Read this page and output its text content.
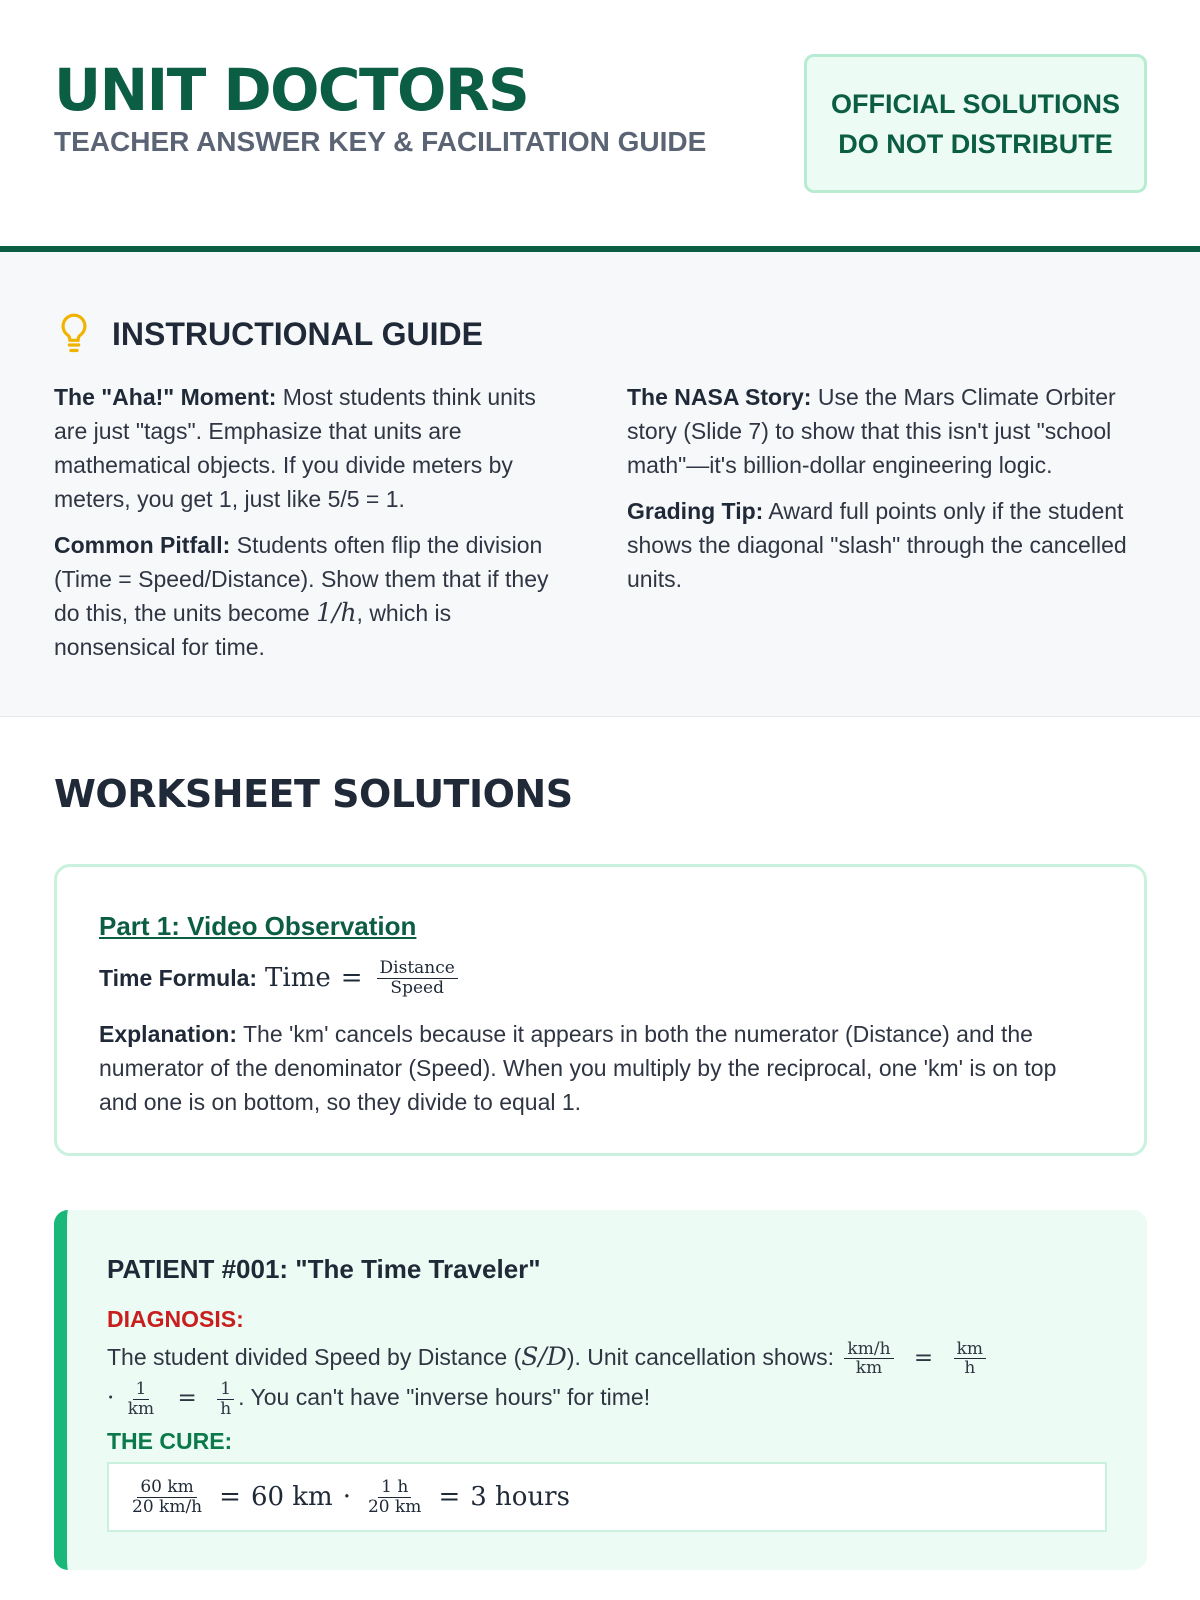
UNIT DOCTORS
TEACHER ANSWER KEY & FACILITATION GUIDE
OFFICIAL SOLUTIONS
DO NOT DISTRIBUTE
INSTRUCTIONAL GUIDE

The "Aha!" Moment: Most students think units are just "tags". Emphasize that units are mathematical objects. If you divide meters by meters, you get 1, just like 5/5 = 1.

Common Pitfall: Students often flip the division (Time = Speed/Distance). Show them that if they do this, the units become 1/h, which is nonsensical for time.

The NASA Story: Use the Mars Climate Orbiter story (Slide 7) to show that this isn't just "school math"—it's billion-dollar engineering logic.

Grading Tip: Award full points only if the student shows the diagonal "slash" through the cancelled units.

WORKSHEET SOLUTIONS
Part 1: Video Observation
Time Formula: Time = $\frac{\text{Distance}}{\text{Speed}}$
Explanation: The 'km' cancels because it appears in both the numerator (Distance) and the numerator of the denominator (Speed). When you multiply by the reciprocal, one 'km' is on top and one is on bottom, so they divide to equal 1.
PATIENT #001: "The Time Traveler"
DIAGNOSIS:
The student divided Speed by Distance (S/D). Unit cancellation shows: $\frac{km/h}{km} = \frac{km}{h}$

· $\frac{1}{km} = \frac{1}{h}$ . You can't have "inverse hours" for time!
THE CURE:
$\frac{60 km}{20 km/h} = 60$ km · $\frac{1 h}{20 km} = 3$ hours
